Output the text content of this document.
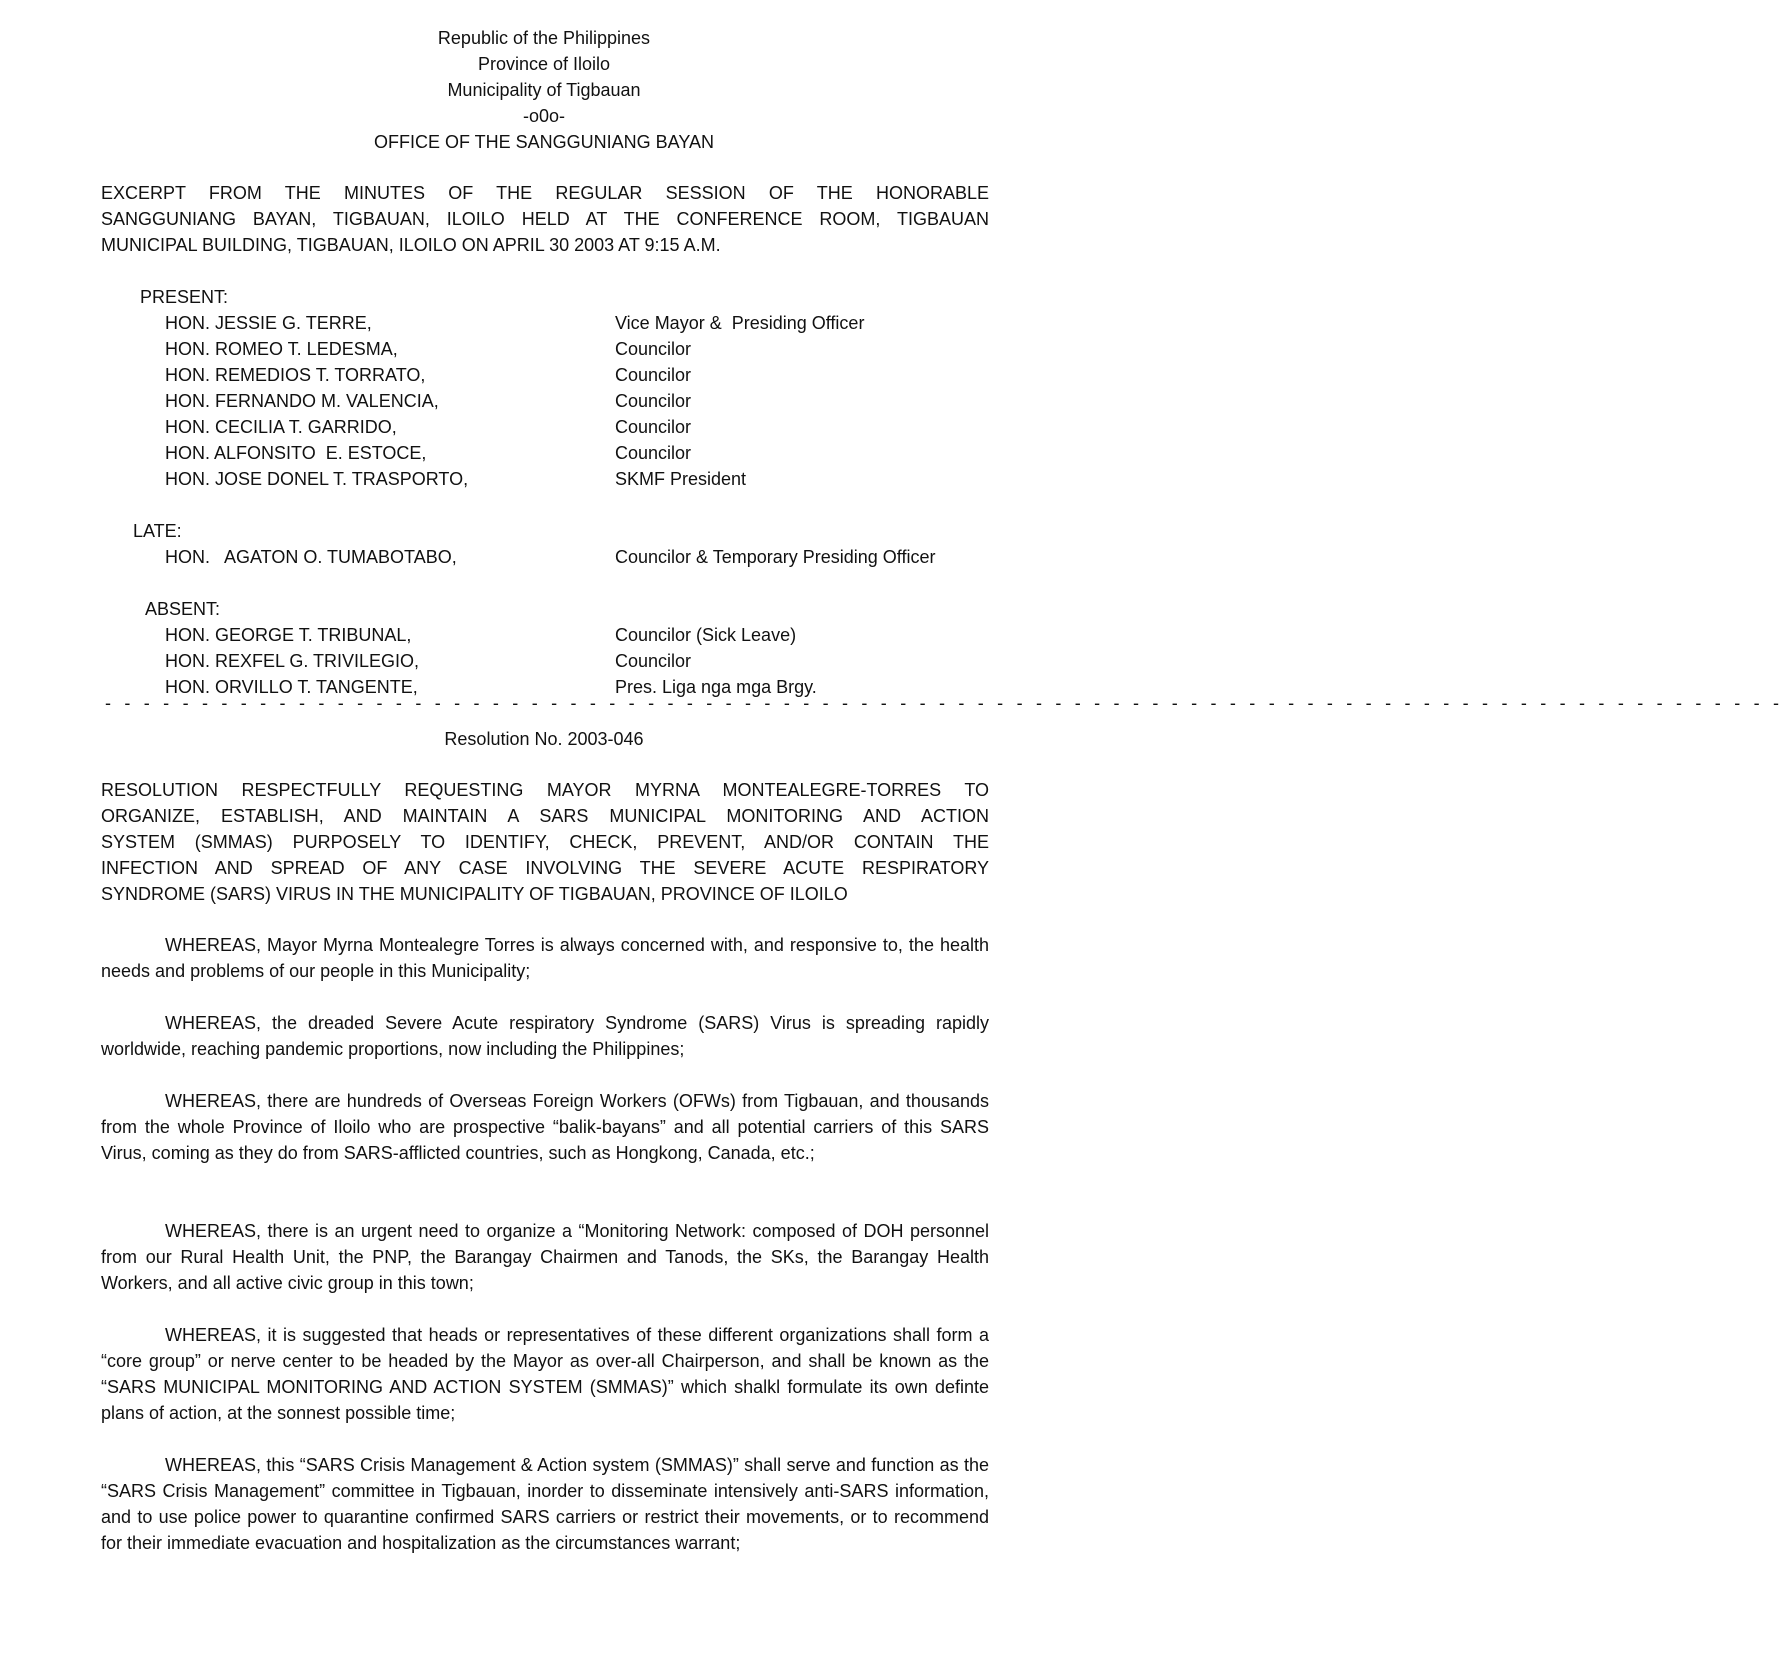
Republic of the Philippines
Province of Iloilo
Municipality of Tigbauan
-o0o-
OFFICE OF THE SANGGUNIANG BAYAN
EXCERPT FROM THE MINUTES OF THE REGULAR SESSION OF THE HONORABLE
SANGGUNIANG BAYAN, TIGBAUAN, ILOILO HELD AT THE CONFERENCE ROOM, TIGBAUAN
MUNICIPAL BUILDING, TIGBAUAN, ILOILO ON APRIL 30 2003 AT 9:15 A.M.
PRESENT:
HON. JESSIE G. TERRE,	Vice Mayor &  Presiding Officer
HON. ROMEO T. LEDESMA,	Councilor
HON. REMEDIOS T. TORRATO,	Councilor
HON. FERNANDO M. VALENCIA,	Councilor
HON. CECILIA T. GARRIDO,	Councilor
HON. ALFONSITO  E. ESTOCE,	Councilor
HON. JOSE DONEL T. TRASPORTO,	SKMF President
LATE:
HON.   AGATON O. TUMABOTABO,	Councilor & Temporary Presiding Officer
ABSENT:
HON. GEORGE T. TRIBUNAL,	Councilor (Sick Leave)
HON. REXFEL G. TRIVILEGIO,	Councilor
HON. ORVILLO T. TANGENTE,	Pres. Liga nga mga Brgy.
- - - - - - - - - - - - - - - - - - - - - - - - - - - - - - - - - - - - - - - - - - - - - - - - - - - - - - - - - - - - - - - - - - - - - - - - - - - - - - - - - - - - - - -
Resolution No. 2003-046
RESOLUTION RESPECTFULLY REQUESTING MAYOR MYRNA MONTEALEGRE-TORRES TO
ORGANIZE, ESTABLISH, AND MAINTAIN A SARS MUNICIPAL MONITORING AND ACTION
SYSTEM (SMMAS) PURPOSELY TO IDENTIFY, CHECK, PREVENT, AND/OR CONTAIN THE
INFECTION AND SPREAD OF ANY CASE INVOLVING THE SEVERE ACUTE RESPIRATORY
SYNDROME (SARS) VIRUS IN THE MUNICIPALITY OF TIGBAUAN, PROVINCE OF ILOILO
WHEREAS, Mayor Myrna Montealegre Torres is always concerned with, and responsive to, the health needs and problems of our people in this Municipality;
WHEREAS, the dreaded Severe Acute respiratory Syndrome (SARS) Virus is spreading rapidly worldwide, reaching pandemic proportions, now including the Philippines;
WHEREAS, there are hundreds of Overseas Foreign Workers (OFWs) from Tigbauan, and thousands from the whole Province of Iloilo who are prospective “balik-bayans” and all potential carriers of this SARS Virus, coming as they do from SARS-afflicted countries, such as Hongkong, Canada, etc.;
WHEREAS, there is an urgent need to organize a “Monitoring Network: composed of DOH personnel from our Rural Health Unit, the PNP, the Barangay Chairmen and Tanods, the SKs, the Barangay Health Workers, and all active civic group in this town;
WHEREAS, it is suggested that heads or representatives of these different organizations shall form a “core group” or nerve center to be headed by the Mayor as over-all Chairperson, and shall be known as the “SARS MUNICIPAL MONITORING AND ACTION SYSTEM (SMMAS)” which shalkl formulate its own definte plans of action, at the sonnest possible time;
WHEREAS, this “SARS Crisis Management & Action system (SMMAS)” shall serve and function as the “SARS Crisis Management” committee in Tigbauan, inorder to disseminate intensively anti-SARS information, and to use police power to quarantine confirmed SARS carriers or restrict their movements, or to recommend for their immediate evacuation and hospitalization as the circumstances warrant;
